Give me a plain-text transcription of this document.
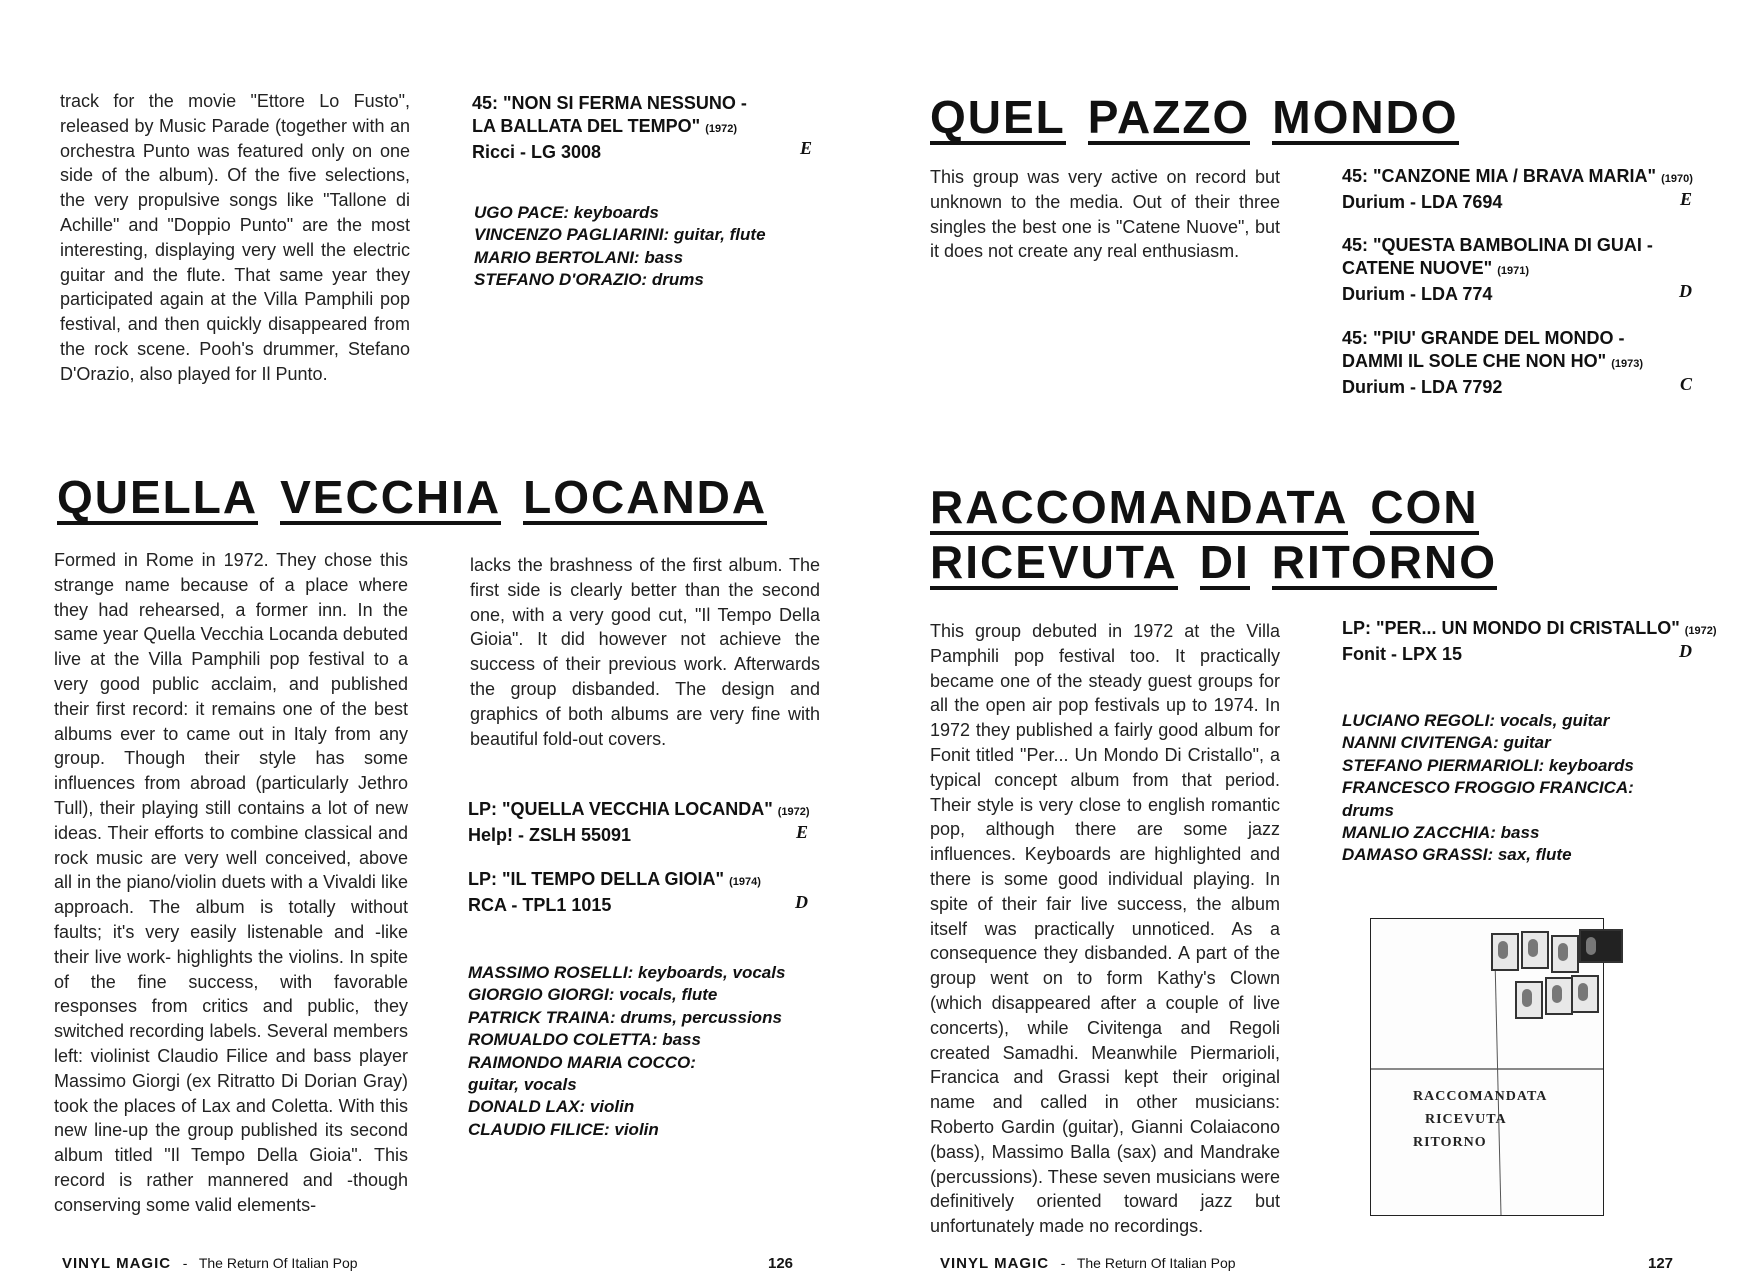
track for the movie "Ettore Lo Fusto", released by Music Parade (together with an orchestra Punto was featured only on one side of the album). Of the five selections, the very propulsive songs like "Tallone di Achille" and "Doppio Punto" are the most interesting, displaying very well the electric guitar and the flute. That same year they participated again at the Villa Pamphili pop festival, and then quickly disappeared from the rock scene. Pooh's drummer, Stefano D'Orazio, also played for Il Punto.

45: "NON SI FERMA NESSUNO -
LA BALLATA DEL TEMPO" (1972)
Ricci - LG 3008	E
UGO PACE: keyboards
VINCENZO PAGLIARINI: guitar, flute
MARIO BERTOLANI: bass
STEFANO D'ORAZIO: drums
QUELLA VECCHIA LOCANDA

Formed in Rome in 1972. They chose this strange name because of a place where they had rehearsed, a former inn. In the same year Quella Vecchia Locanda debuted live at the Villa Pamphili pop festival to a very good public acclaim, and published their first record: it remains one of the best albums ever to came out in Italy from any group. Though their style has some influences from abroad (particularly Jethro Tull), their playing still contains a lot of new ideas. Their efforts to combine classical and rock music are very well conceived, above all in the piano/violin duets with a Vivaldi like approach. The album is totally without faults; it's very easily listenable and -like their live work- highlights the violins. In spite of the fine success, with favorable responses from critics and public, they switched recording labels. Several members left: violinist Claudio Filice and bass player Massimo Giorgi (ex Ritratto Di Dorian Gray) took the places of Lax and Coletta. With this new line-up the group published its second album titled "Il Tempo Della Gioia". This record is rather mannered and -though conserving some valid elements-

lacks the brashness of the first album. The first side is clearly better than the second one, with a very good cut, "Il Tempo Della Gioia". It did however not achieve the success of their previous work. Afterwards the group disbanded. The design and graphics of both albums are very fine with beautiful fold-out covers.

LP: "QUELLA VECCHIA LOCANDA" (1972)
Help! - ZSLH 55091	E
LP: "IL TEMPO DELLA GIOIA" (1974)
RCA - TPL1 1015	D
MASSIMO ROSELLI: keyboards, vocals
GIORGIO GIORGI: vocals, flute
PATRICK TRAINA: drums, percussions
ROMUALDO COLETTA: bass
RAIMONDO MARIA COCCO:
guitar, vocals
DONALD LAX: violin
CLAUDIO FILICE: violin
VINYL MAGIC - The Return Of Italian Pop	126
QUEL PAZZO MONDO

This group was very active on record but unknown to the media. Out of their three singles the best one is "Catene Nuove", but it does not create any real enthusiasm.

45: "CANZONE MIA / BRAVA MARIA" (1970)
Durium - LDA 7694	E
45: "QUESTA BAMBOLINA DI GUAI -
CATENE NUOVE" (1971)
Durium - LDA 774	D
45: "PIU' GRANDE DEL MONDO -
DAMMI IL SOLE CHE NON HO" (1973)
Durium - LDA 7792	C
RACCOMANDATA CON
RICEVUTA DI RITORNO

This group debuted in 1972 at the Villa Pamphili pop festival too. It practically became one of the steady guest groups for all the open air pop festivals up to 1974. In 1972 they published a fairly good album for Fonit titled "Per... Un Mondo Di Cristallo", a typical concept album from that period. Their style is very close to english romantic pop, although there are some jazz influences. Keyboards are highlighted and there is some good individual playing. In spite of their fair live success, the album itself was practically unnoticed. As a consequence they disbanded. A part of the group went on to form Kathy's Clown (which disappeared after a couple of live concerts), while Civitenga and Regoli created Samadhi. Meanwhile Piermarioli, Francica and Grassi kept their original name and called in other musicians: Roberto Gardin (guitar), Gianni Colaiacono (bass), Massimo Balla (sax) and Mandrake (percussions). These seven musicians were definitively oriented toward jazz but unfortunately made no recordings.

LP: "PER... UN MONDO DI CRISTALLO" (1972)
Fonit - LPX 15	D
LUCIANO REGOLI: vocals, guitar
NANNI CIVITENGA: guitar
STEFANO PIERMARIOLI: keyboards
FRANCESCO FROGGIO FRANCICA:
drums
MANLIO ZACCHIA: bass
DAMASO GRASSI: sax, flute
RACCOMANDATA
RICEVUTA
RITORNO
VINYL MAGIC - The Return Of Italian Pop	127
